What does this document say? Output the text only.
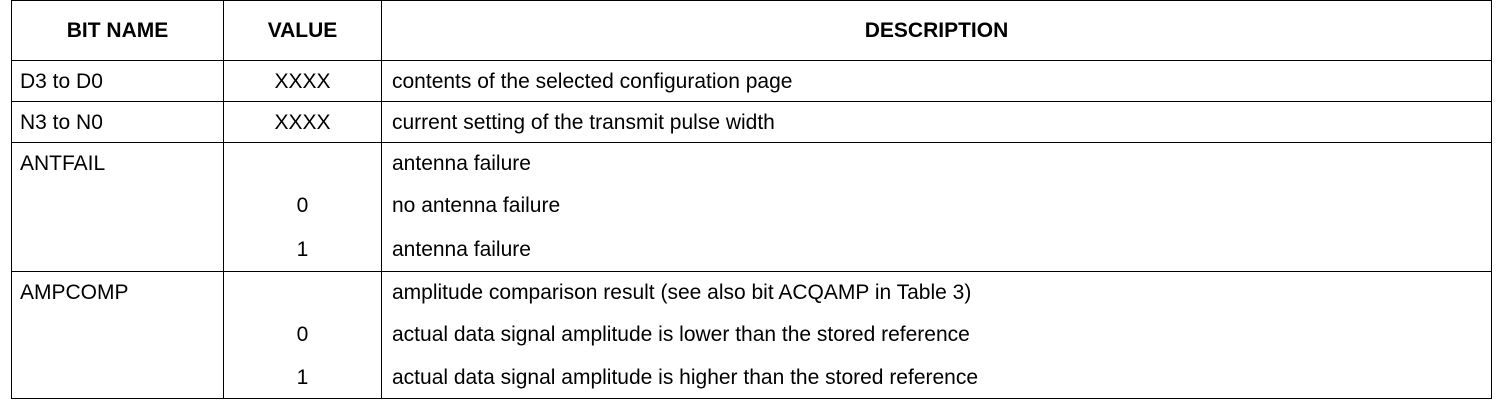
BIT NAME	VALUE	DESCRIPTION
D3 to D0	XXXX	contents of the selected configuration page
N3 to N0	XXXX	current setting of the transmit pulse width
ANTFAIL		antenna failure
	0	no antenna failure
	1	antenna failure
AMPCOMP		amplitude comparison result (see also bit ACQAMP in Table 3)
	0	actual data signal amplitude is lower than the stored reference
	1	actual data signal amplitude is higher than the stored reference
